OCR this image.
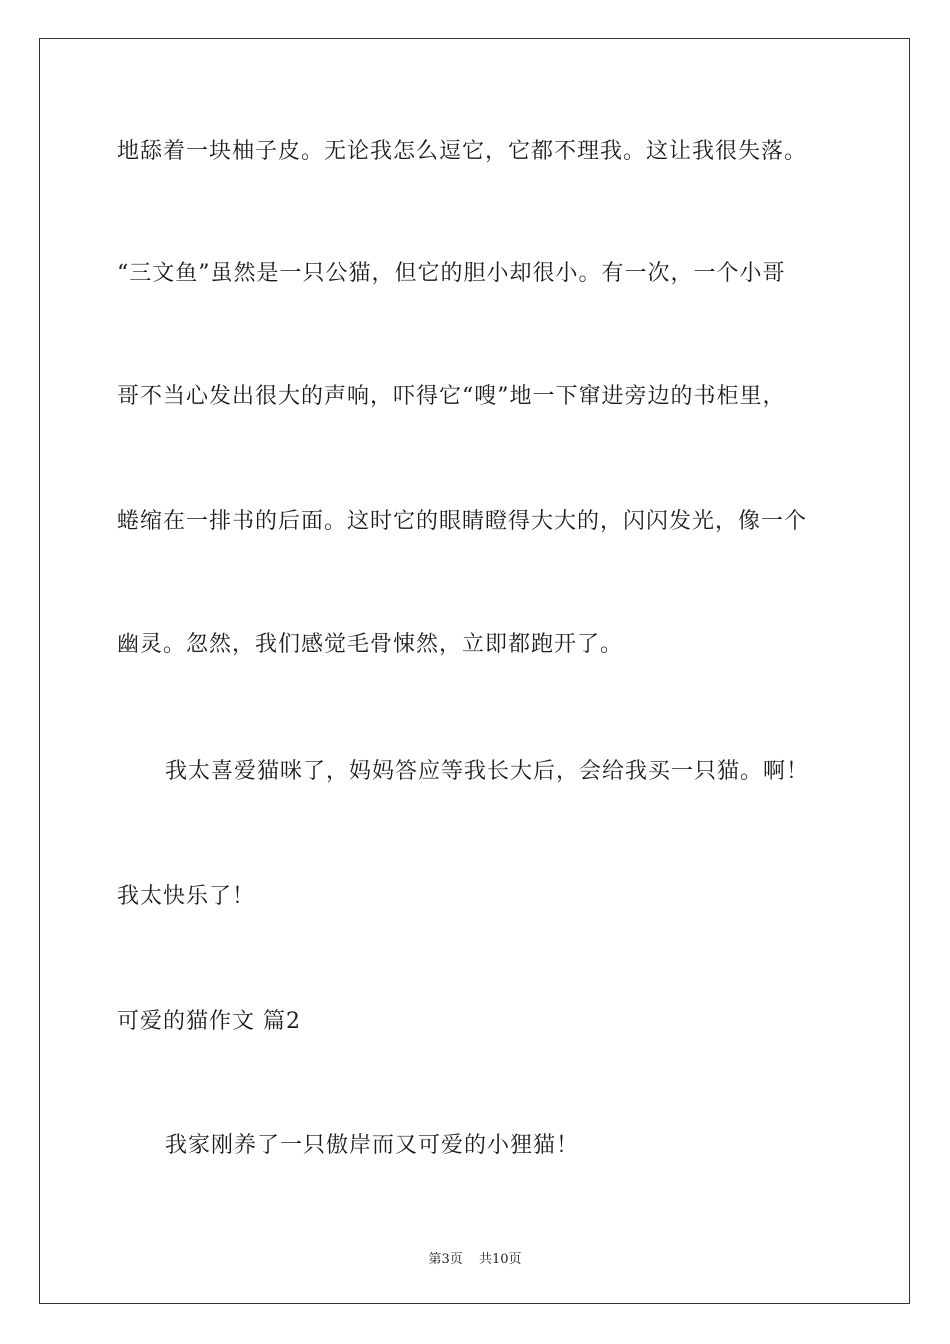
地舔着一块柚子皮。无论我怎么逗它，它都不理我。这让我很失落。
“三文鱼”虽然是一只公猫，但它的胆小却很小。有一次，一个小哥
哥不当心发出很大的声响，吓得它“嗖”地一下窜进旁边的书柜里，
蜷缩在一排书的后面。这时它的眼睛瞪得大大的，闪闪发光，像一个
幽灵。忽然，我们感觉毛骨悚然，立即都跑开了。
我太喜爱猫咪了，妈妈答应等我长大后，会给我买一只猫。啊！
我太快乐了！
可爱的猫作文 篇2
我家刚养了一只傲岸而又可爱的小狸猫！
第3页 共10页
